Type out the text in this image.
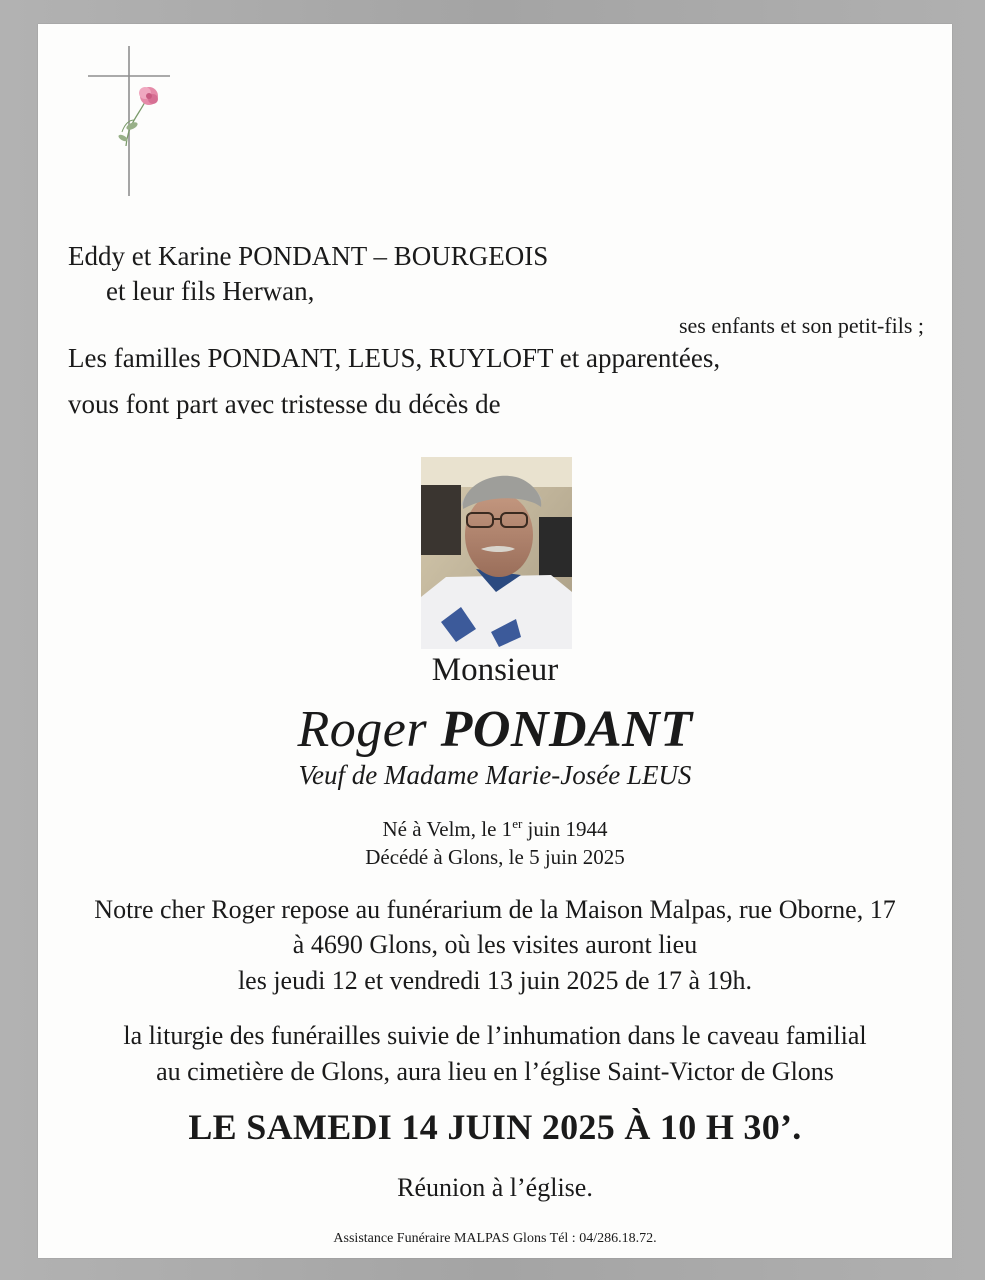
Eddy et Karine PONDANT – BOURGEOIS
et leur fils Herwan,
ses enfants et son petit-fils ;
Les familles PONDANT, LEUS, RUYLOFT et apparentées,
vous font part avec tristesse du décès de
Monsieur
Roger PONDANT
Veuf de Madame Marie-Josée LEUS
Né à Velm, le 1er juin 1944
Décédé à Glons, le 5 juin 2025
Notre cher Roger repose au funérarium de la Maison Malpas, rue Oborne, 17
à 4690 Glons, où les visites auront lieu
les jeudi 12 et vendredi 13 juin 2025 de 17 à 19h.
la liturgie des funérailles suivie de l’inhumation dans le caveau familial
au cimetière de Glons, aura lieu en l’église Saint-Victor de Glons
LE SAMEDI 14 JUIN 2025 À 10 H 30’.
Réunion à l’église.
Assistance Funéraire MALPAS Glons Tél : 04/286.18.72.
